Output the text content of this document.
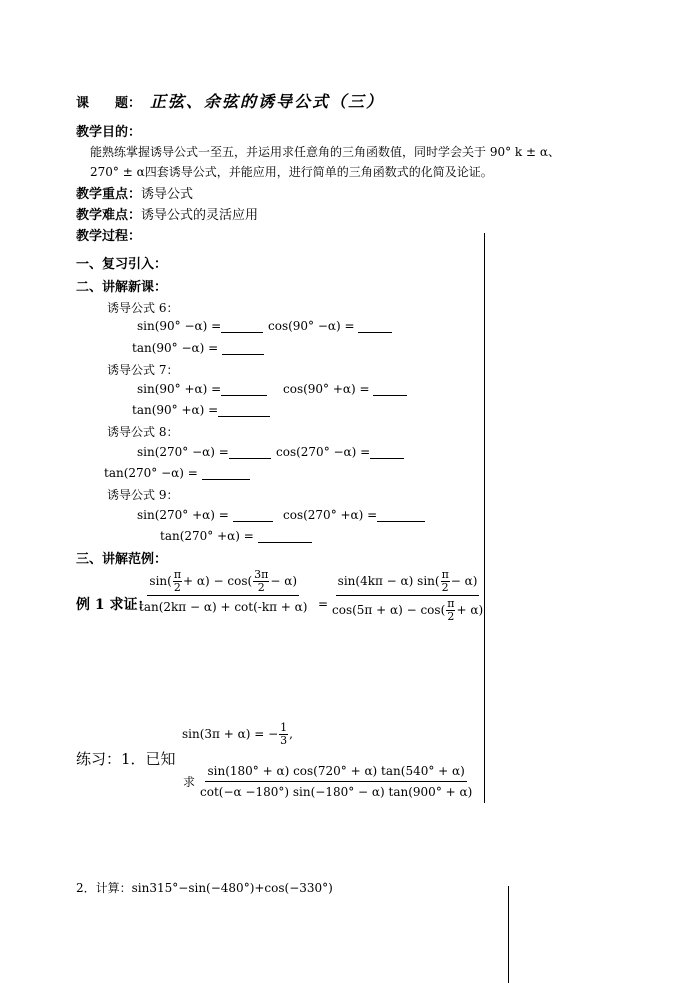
课　　题： 正弦、余弦的诱导公式（三）
教学目的：
能熟练掌握诱导公式一至五，并运用求任意角的三角函数值，同时学会关于 90° k ± α、
270° ± α四套诱导公式，并能应用，进行简单的三角函数式的化简及论证。
教学重点：诱导公式
教学难点：诱导公式的灵活应用
教学过程：
一、复习引入：
二、讲解新课：
诱导公式 6：
sin(90° −α) =	cos(90° −α) =
tan(90° −α) =
诱导公式 7：
sin(90° +α) =	cos(90° +α) =
tan(90° +α) =
诱导公式 8：
sin(270° −α) =	cos(270° −α) =
tan(270° −α) =
诱导公式 9：
sin(270° +α) =	cos(270° +α) =
tan(270° +α) =
三、讲解范例：
例 1 求证：
$\frac{\sin( \frac{\pi}{2} + \alpha) - \cos( \frac{3\pi}{2} - \alpha)}{\tan(2k\pi - \alpha) + \cot(-k\pi + \alpha)} = \frac{\sin(4k\pi - \alpha) \sin( \frac{\pi}{2} - \alpha)}{\cos(5\pi + \alpha) - \cos( \frac{\pi}{2} + \alpha)}$
sin(3π + α) = − $\frac{1}{3}$ ,
练习：1．已知
求 $\frac{\sin(180^\circ + \alpha) \cos(720^\circ + \alpha) \tan(540^\circ + \alpha)}{\cot(-\alpha -180^\circ) \sin(-180^\circ - \alpha) \tan(900^\circ + \alpha)}$
2．计算：sin315°−sin(−480°)+cos(−330°)
